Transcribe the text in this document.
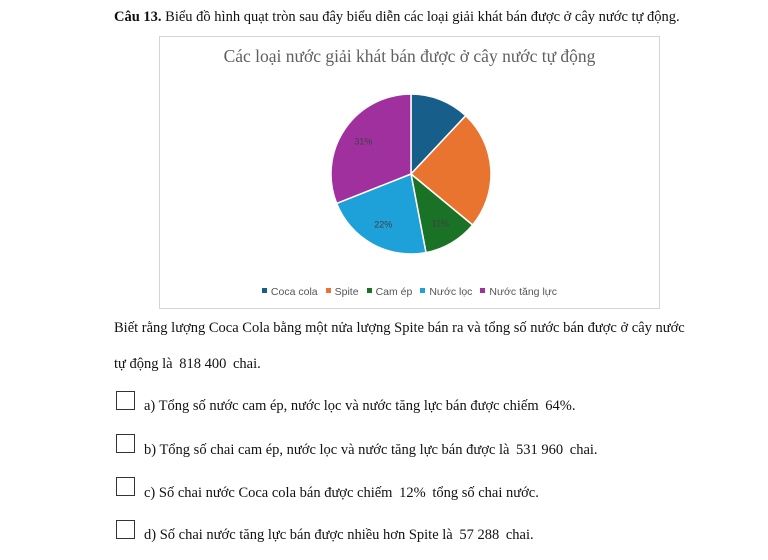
Câu 13. Biểu đồ hình quạt tròn sau đây biểu diễn các loại giải khát bán được ở cây nước tự động.
Các loại nước giải khát bán được ở cây nước tự động
11%
22%
31%
Coca cola Spite Cam ép Nước lọc Nước tăng lực
Biết rằng lượng Coca Cola bằng một nửa lượng Spite bán ra và tổng số nước bán được ở cây nước
tự động là 818 400 chai.
a) Tổng số nước cam ép, nước lọc và nước tăng lực bán được chiếm 64%.
b) Tổng số chai cam ép, nước lọc và nước tăng lực bán được là 531 960 chai.
c) Số chai nước Coca cola bán được chiếm 12% tổng số chai nước.
d) Số chai nước tăng lực bán được nhiều hơn Spite là 57 288 chai.
